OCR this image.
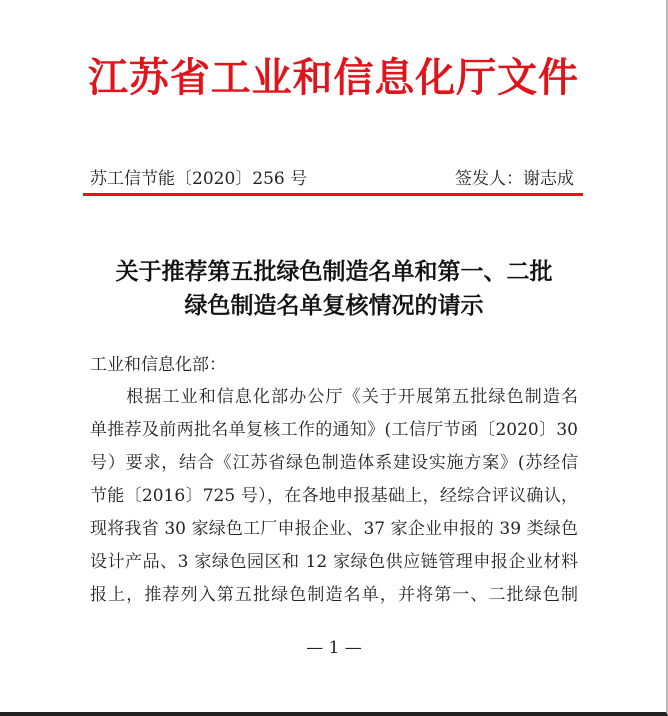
江苏省工业和信息化厅文件
苏工信节能〔2020〕256 号	签发人：谢志成
关于推荐第五批绿色制造名单和第一、二批
绿色制造名单复核情况的请示
工业和信息化部：
　　根据工业和信息化部办公厅《关于开展第五批绿色制造名
单推荐及前两批名单复核工作的通知》(工信厅节函〔2020〕30
号）要求，结合《江苏省绿色制造体系建设实施方案》(苏经信
节能〔2016〕725 号），在各地申报基础上，经综合评议确认，
现将我省 30 家绿色工厂申报企业、37 家企业申报的 39 类绿色
设计产品、3 家绿色园区和 12 家绿色供应链管理申报企业材料
报上，推荐列入第五批绿色制造名单，并将第一、二批绿色制
— 1 —
